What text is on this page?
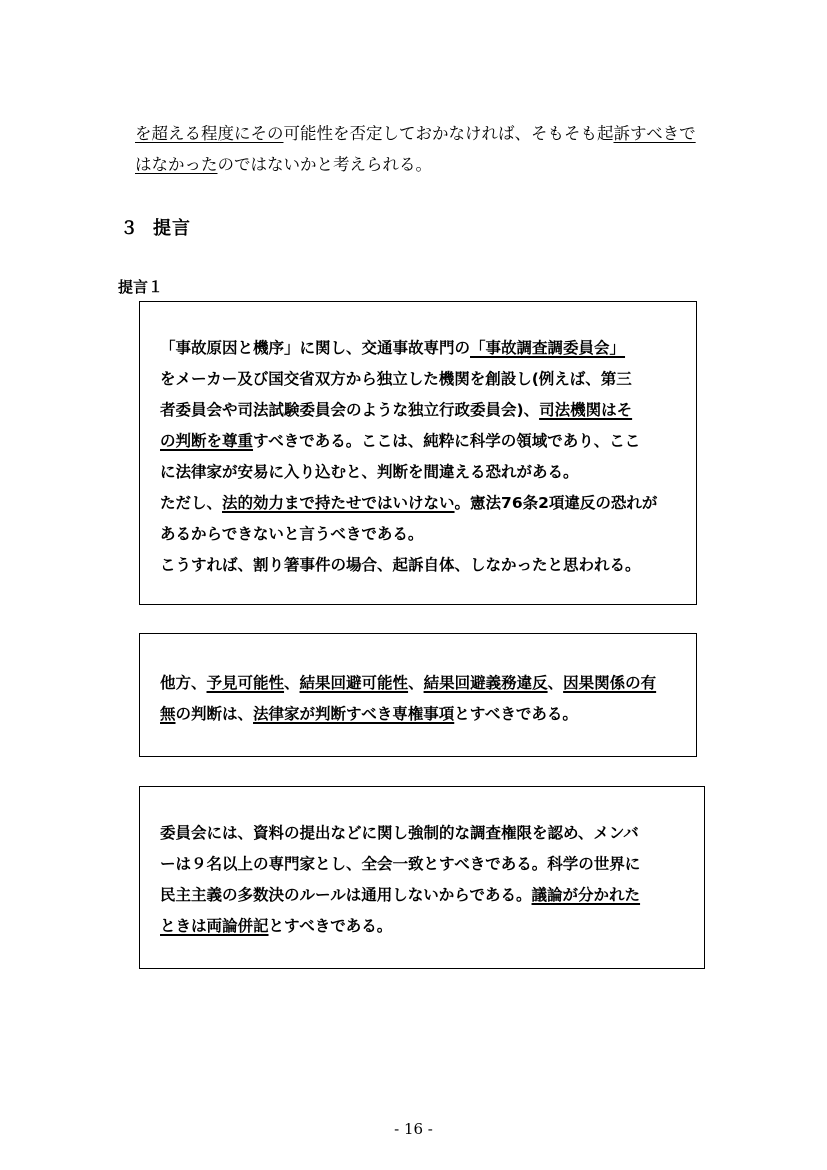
を超える程度にその可能性を否定しておかなければ、そもそも起訴すべきで
はなかったのではないかと考えられる。
３ 提言
提言１
「事故原因と機序」に関し、交通事故専門の「事故調査調委員会」
をメーカー及び国交省双方から独立した機関を創設し(例えば、第三
者委員会や司法試験委員会のような独立行政委員会)、司法機関はそ
の判断を尊重すべきである。ここは、純粋に科学の領域であり、ここ
に法律家が安易に入り込むと、判断を間違える恐れがある。
ただし、法的効力まで持たせではいけない。憲法76条2項違反の恐れが
あるからできないと言うべきである。
こうすれば、割り箸事件の場合、起訴自体、しなかったと思われる。
他方、予見可能性、結果回避可能性、結果回避義務違反、因果関係の有
無の判断は、法律家が判断すべき専権事項とすべきである。
委員会には、資料の提出などに関し強制的な調査権限を認め、メンバ
ーは９名以上の専門家とし、全会一致とすべきである。科学の世界に
民主主義の多数決のルールは通用しないからである。議論が分かれた
ときは両論併記とすべきである。
- 16 -
